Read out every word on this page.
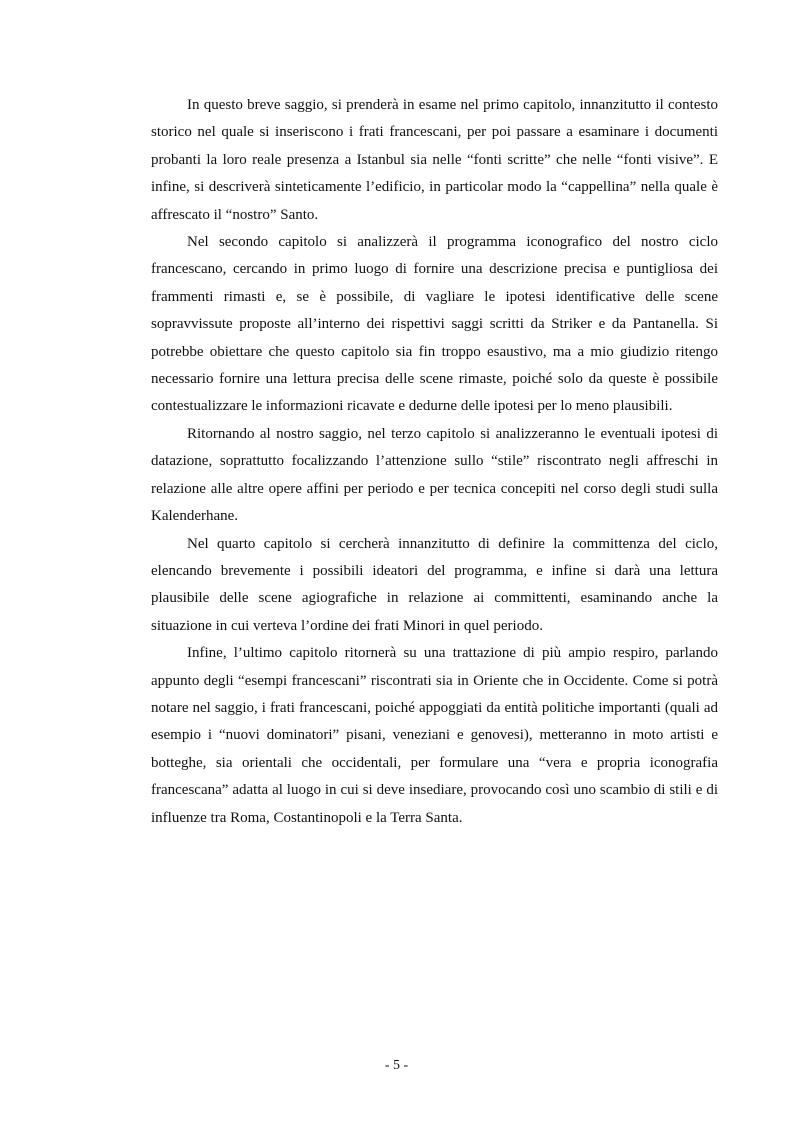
In questo breve saggio, si prenderà in esame nel primo capitolo, innanzitutto il contesto storico nel quale si inseriscono i frati francescani, per poi passare a esaminare i documenti probanti la loro reale presenza a Istanbul sia nelle “fonti scritte” che nelle “fonti visive”. E infine, si descriverà sinteticamente l’edificio, in particolar modo la “cappellina” nella quale è affrescato il “nostro” Santo.

Nel secondo capitolo si analizzerà il programma iconografico del nostro ciclo francescano, cercando in primo luogo di fornire una descrizione precisa e puntigliosa dei frammenti rimasti e, se è possibile, di vagliare le ipotesi identificative delle scene sopravvissute proposte all’interno dei rispettivi saggi scritti da Striker e da Pantanella. Si potrebbe obiettare che questo capitolo sia fin troppo esaustivo, ma a mio giudizio ritengo necessario fornire una lettura precisa delle scene rimaste, poiché solo da queste è possibile contestualizzare le informazioni ricavate e dedurne delle ipotesi per lo meno plausibili.

Ritornando al nostro saggio, nel terzo capitolo si analizzeranno le eventuali ipotesi di datazione, soprattutto focalizzando l’attenzione sullo “stile” riscontrato negli affreschi in relazione alle altre opere affini per periodo e per tecnica concepiti nel corso degli studi sulla Kalenderhane.

Nel quarto capitolo si cercherà innanzitutto di definire la committenza del ciclo, elencando brevemente i possibili ideatori del programma, e infine si darà una lettura plausibile delle scene agiografiche in relazione ai committenti, esaminando anche la situazione in cui verteva l’ordine dei frati Minori in quel periodo.

Infine, l’ultimo capitolo ritornerà su una trattazione di più ampio respiro, parlando appunto degli “esempi francescani” riscontrati sia in Oriente che in Occidente. Come si potrà notare nel saggio, i frati francescani, poiché appoggiati da entità politiche importanti (quali ad esempio i “nuovi dominatori” pisani, veneziani e genovesi), metteranno in moto artisti e botteghe, sia orientali che occidentali, per formulare una “vera e propria iconografia francescana” adatta al luogo in cui si deve insediare, provocando così uno scambio di stili e di influenze tra Roma, Costantinopoli e la Terra Santa.

- 5 -
